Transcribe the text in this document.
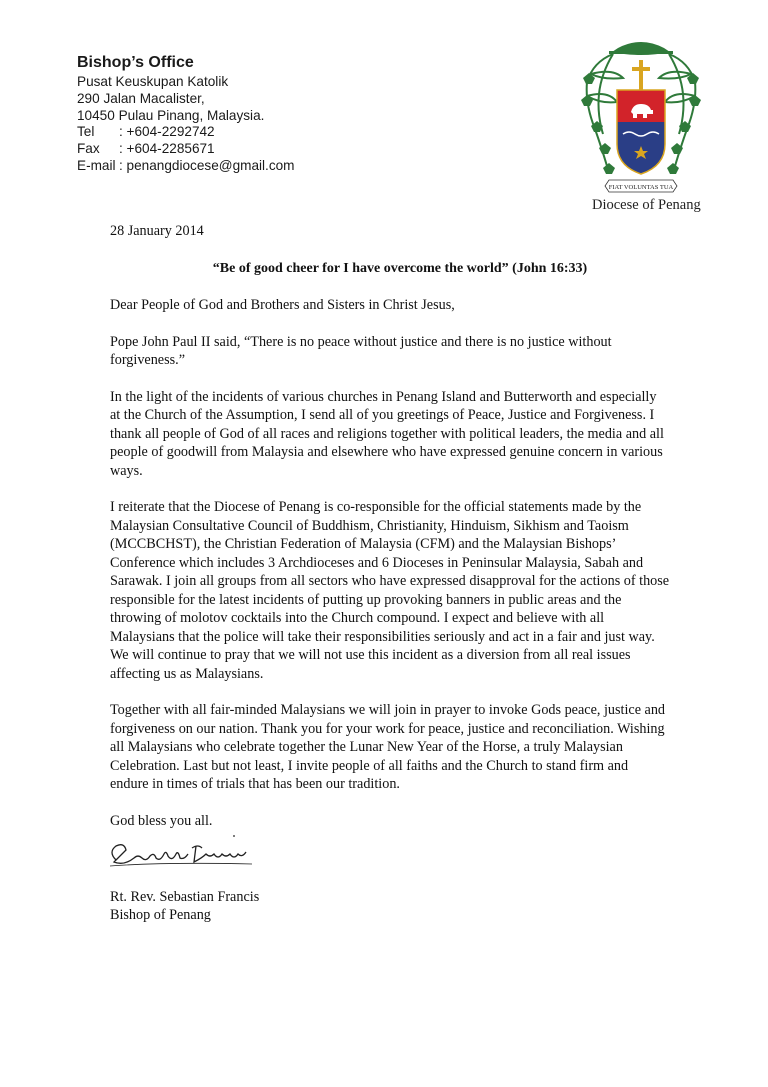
Bishop’s Office
Pusat Keuskupan Katolik
290 Jalan Macalister,
10450 Pulau Pinang, Malaysia.
Tel	: +604-2292742
Fax	: +604-2285671
E-mail : penangdiocese@gmail.com
FIAT VOLUNTAS TUA
Diocese of Penang

28 January 2014

“Be of good cheer for I have overcome the world” (John 16:33)

Dear People of God and Brothers and Sisters in Christ Jesus,

Pope John Paul II said, “There is no peace without justice and there is no justice without forgiveness.”

In the light of the incidents of various churches in Penang Island and Butterworth and especially at the Church of the Assumption, I send all of you greetings of Peace, Justice and Forgiveness. I thank all people of God of all races and religions together with political leaders, the media and all people of goodwill from Malaysia and elsewhere who have expressed genuine concern in various ways.

I reiterate that the Diocese of Penang is co-responsible for the official statements made by the Malaysian Consultative Council of Buddhism, Christianity, Hinduism, Sikhism and Taoism (MCCBCHST), the Christian Federation of Malaysia (CFM) and the Malaysian Bishops’ Conference which includes 3 Archdioceses and 6 Dioceses in Peninsular Malaysia, Sabah and Sarawak. I join all groups from all sectors who have expressed disapproval for the actions of those responsible for the latest incidents of putting up provoking banners in public areas and the throwing of molotov cocktails into the Church compound. I expect and believe with all Malaysians that the police will take their responsibilities seriously and act in a fair and just way. We will continue to pray that we will not use this incident as a diversion from all real issues affecting us as Malaysians.

Together with all fair-minded Malaysians we will join in prayer to invoke Gods peace, justice and forgiveness on our nation. Thank you for your work for peace, justice and reconciliation. Wishing all Malaysians who celebrate together the Lunar New Year of the Horse, a truly Malaysian Celebration. Last but not least, I invite people of all faiths and the Church to stand firm and endure in times of trials that has been our tradition.

God bless you all.

Rt. Rev. Sebastian Francis

Bishop of Penang
